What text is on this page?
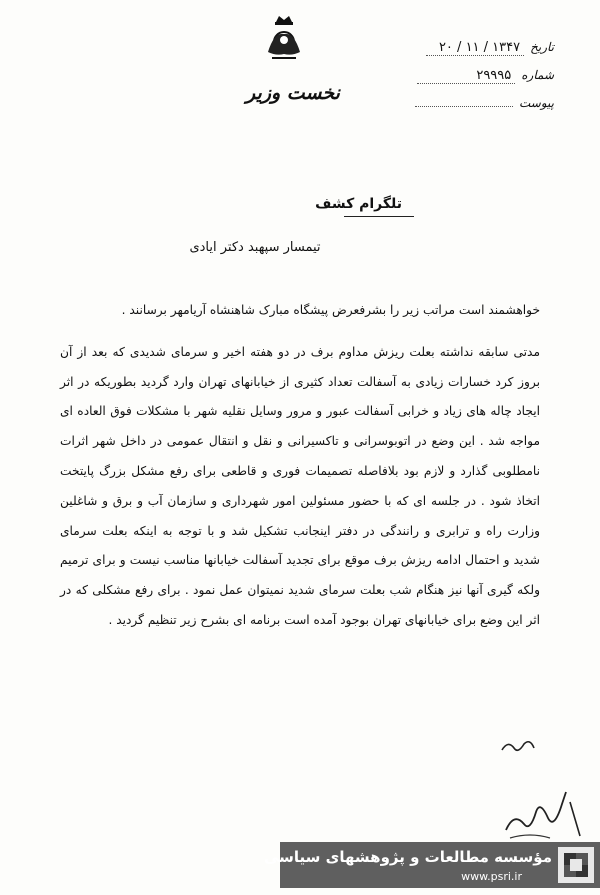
نخست وزیر
تاریخ
۲۰ / ۱۱ / ۱۳۴۷
شماره
۲۹۹۹۵
پیوست
تلگرام کشف
تیمسار سپهبد دکتر ایادی

خواهشمند است مراتب زیر را بشرفعرض پیشگاه مبارک شاهنشاه آریامهر برسانند .

مدتی سابقه نداشته بعلت ریزش مداوم برف در دو هفته اخیر و سرمای شدیدی که بعد از آن بروز کرد خسارات زیادی به آسفالت تعداد کثیری از خیابانهای تهران وارد گردید بطوریکه در اثر ایجاد چاله های زیاد و خرابی آسفالت عبور و مرور وسایل نقلیه شهر با مشکلات فوق العاده ای مواجه شد . این وضع در اتوبوسرانی و تاکسیرانی و نقل و انتقال عمومی در داخل شهر اثرات نامطلوبی گذارد و لازم بود بلافاصله تصمیمات فوری و قاطعی برای رفع مشکل بزرگ پایتخت اتخاذ شود . در جلسه ای که با حضور مسئولین امور شهرداری و سازمان آب و برق و شاغلین وزارت راه و ترابری و رانندگی در دفتر اینجانب تشکیل شد و با توجه به اینکه بعلت سرمای شدید و احتمال ادامه ریزش برف موقع برای تجدید آسفالت خیابانها مناسب نیست و برای ترمیم ولکه گیری آنها نیز هنگام شب بعلت سرمای شدید نمیتوان عمل نمود . برای رفع مشکلی که در اثر این وضع برای خیابانهای تهران بوجود آمده است برنامه ای بشرح زیر تنظیم گردید .

مؤسسه مطالعات و پژوهشهای سیاسی
www.psri.ir
